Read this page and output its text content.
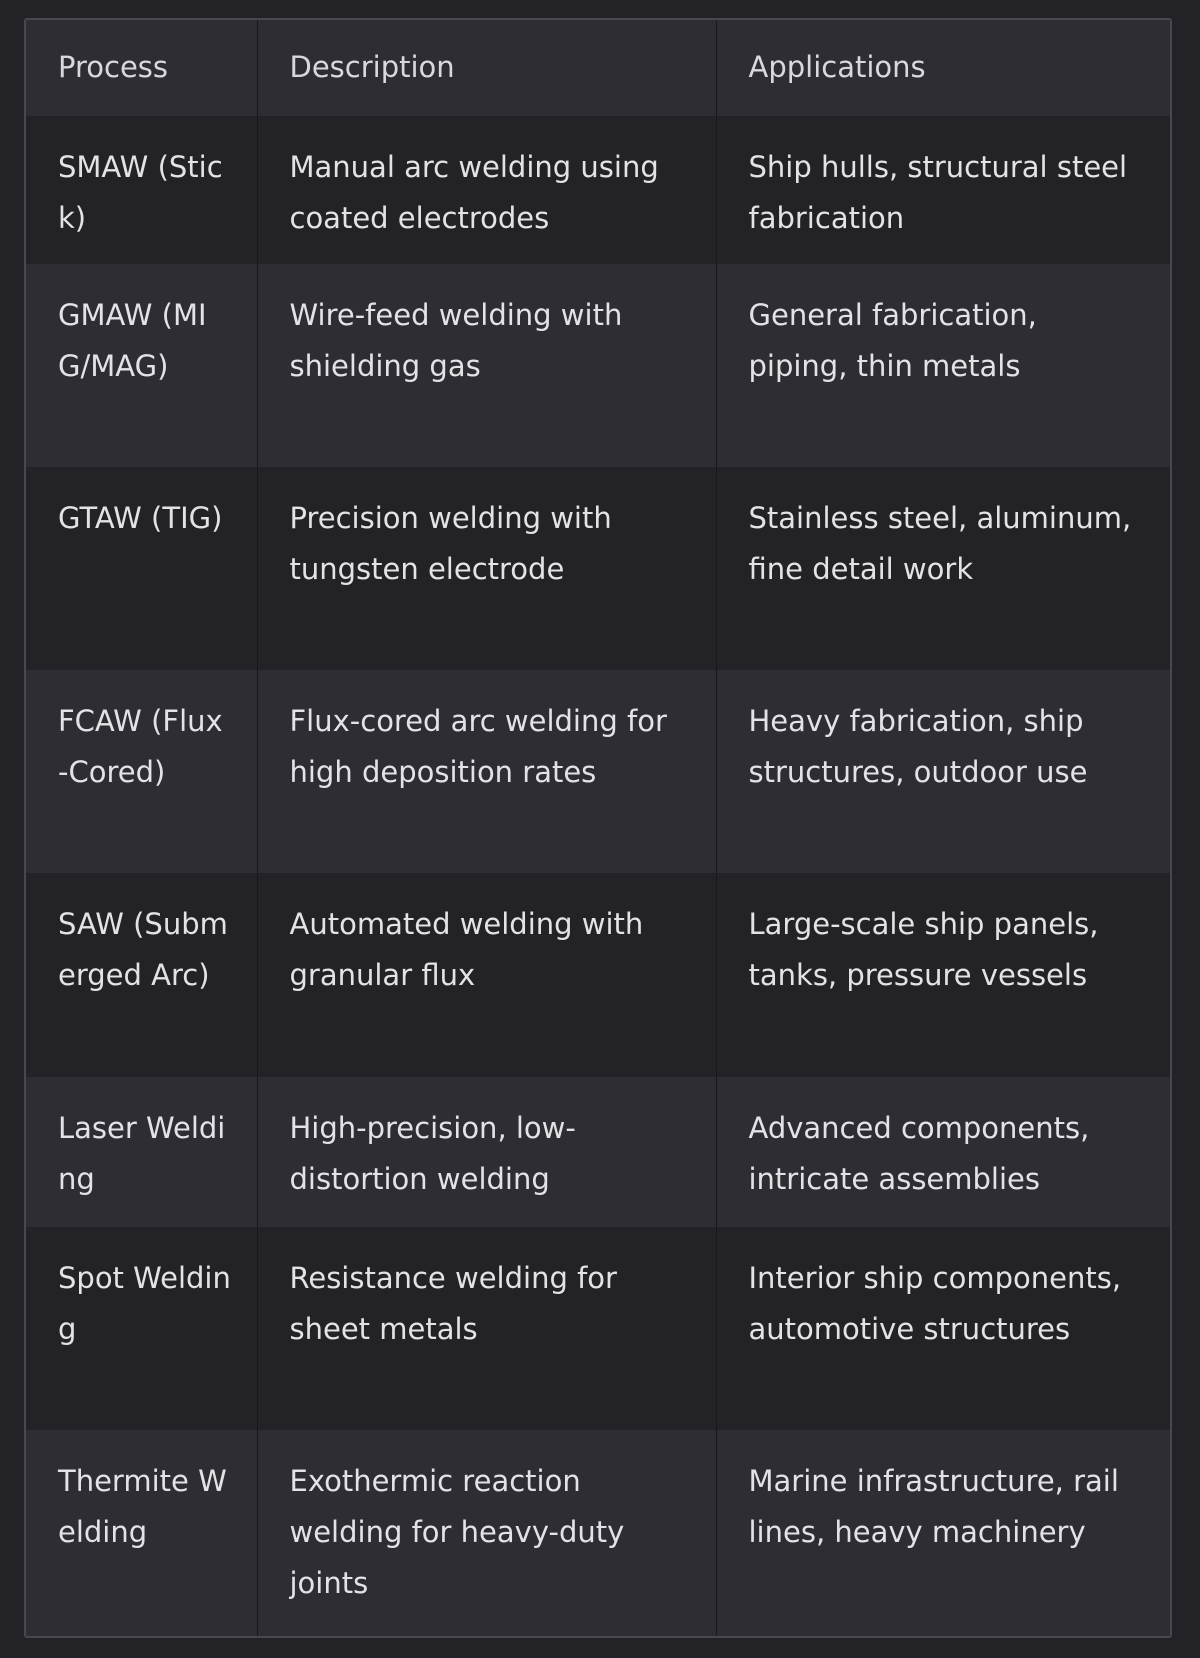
Process	Description	Applications
SMAW (Stick)	Manual arc welding using coated electrodes	Ship hulls, structural steel fabrication
GMAW (MIG/MAG)	Wire-feed welding with shielding gas	General fabrication, piping, thin metals
GTAW (TIG)	Precision welding with tungsten electrode	Stainless steel, aluminum, fine detail work
FCAW (Flux-Cored)	Flux-cored arc welding for high deposition rates	Heavy fabrication, ship structures, outdoor use
SAW (Submerged Arc)	Automated welding with granular flux	Large-scale ship panels, tanks, pressure vessels
Laser Welding	High-precision, low-distortion welding	Advanced components, intricate assemblies
Spot Welding	Resistance welding for sheet metals	Interior ship components, automotive structures
Thermite Welding	Exothermic reaction welding for heavy-duty joints	Marine infrastructure, rail lines, heavy machinery
